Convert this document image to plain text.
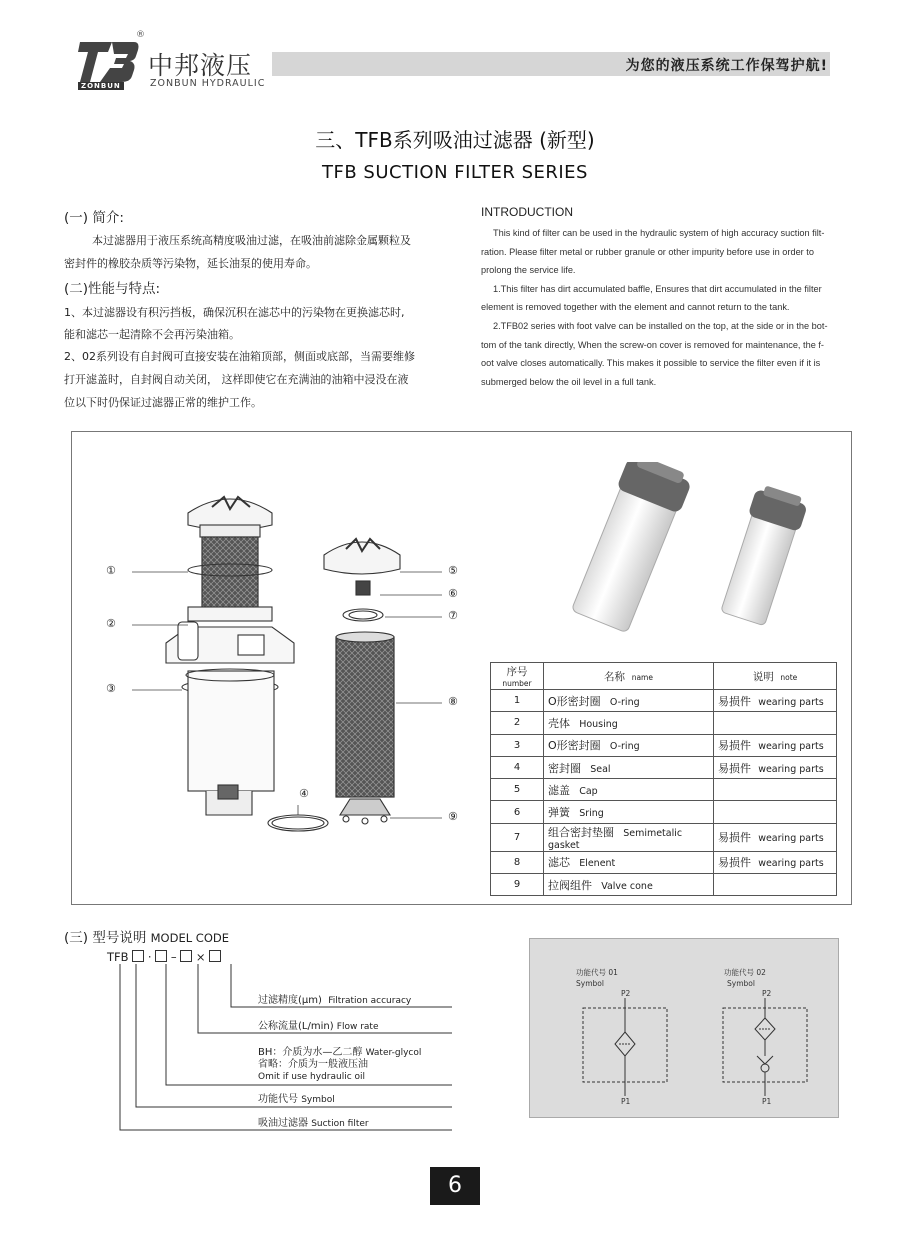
®
ZONBUN
中邦液压
ZONBUN HYDRAULIC
为您的液压系统工作保驾护航!
三、TFB系列吸油过滤器 (新型)
TFB SUCTION FILTER SERIES
(一) 简介:
本过滤器用于液压系统高精度吸油过滤，在吸油前滤除金属颗粒及
密封件的橡胶杂质等污染物，延长油泵的使用寿命。
(二)性能与特点:
1、本过滤器设有积污挡板，确保沉积在滤芯中的污染物在更换滤芯时,
能和滤芯一起清除不会再污染油箱。
2、02系列设有自封阀可直接安装在油箱顶部，侧面或底部，当需要维修
打开滤盖时，自封阀自动关闭， 这样即使它在充满油的油箱中浸没在液
位以下时仍保证过滤器正常的维护工作。
INTRODUCTION
This kind of filter can be used in the hydraulic system of high accuracy suction filt-
ration. Please filter metal or rubber granule or other impurity before use in order to
prolong the service life.
1.This filter has dirt accumulated baffle, Ensures that dirt accumulated in the filter
element is removed together with the element and cannot return to the tank.
2.TFB02 series with foot valve can be installed on the top, at the side or in the bot-
tom of the tank directly, When the screw-on cover is removed for maintenance, the f-
oot valve closes automatically. This makes it possible to service the filter even if it is
submerged below the oil level in a full tank.
①
②
③
④
⑤
⑥
⑦
⑧
⑨
序号
number	名称 name	说明 note
1	O形密封圈 O-ring	易损件 wearing parts
2	壳体 Housing	
3	O形密封圈 O-ring	易损件 wearing parts
4	密封圈 Seal	易损件 wearing parts
5	滤盖 Cap	
6	弹簧 Sring	
7	组合密封垫圈 Semimetalic gasket	易损件 wearing parts
8	滤芯 Elenent	易损件 wearing parts
9	拉阀组件 Valve cone	
(三) 型号说明 MODEL CODE
TFB · – ×
过滤精度(μm) Filtration accuracy
公称流量(L/min) Flow rate
BH：介质为水—乙二醇 Water-glycol
省略：介质为一般液压油
Omit if use hydraulic oil
功能代号 Symbol
吸油过滤器 Suction filter
功能代号 01
Symbol
功能代号 02
Symbol
P2
P1
P2
P1
6
